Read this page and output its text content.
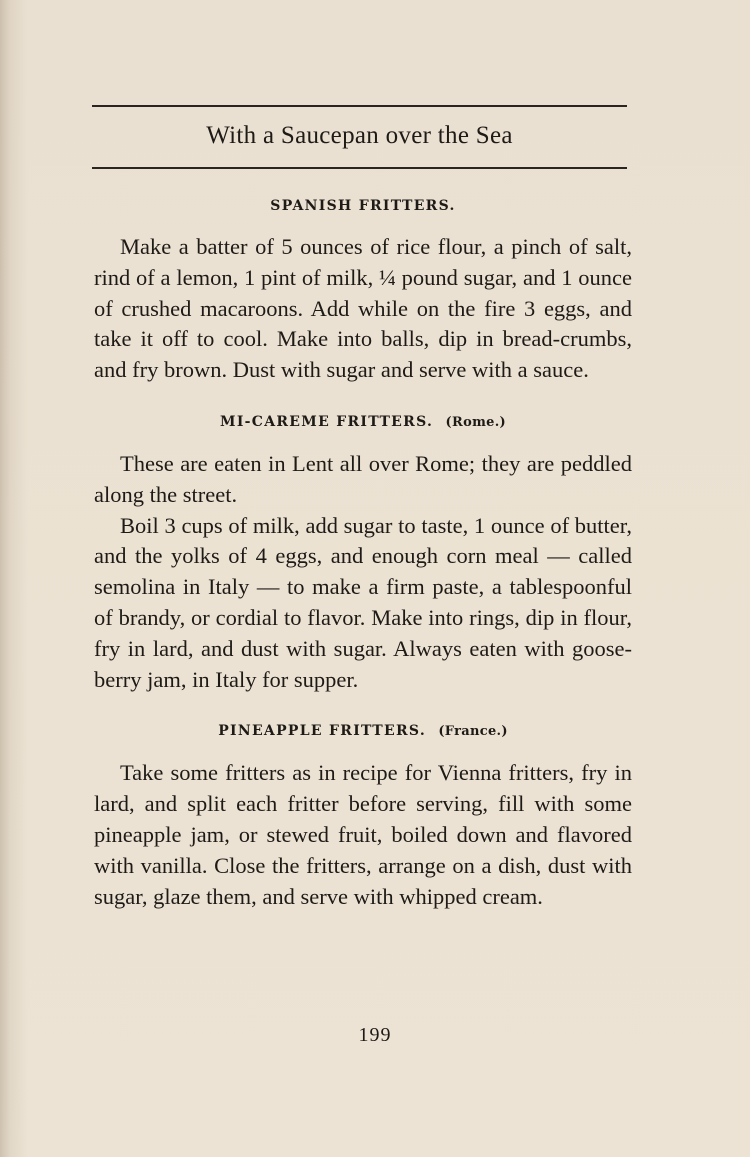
With a Saucepan over the Sea
SPANISH FRITTERS.

Make a batter of 5 ounces of rice flour, a pinch of salt, rind of a lemon, 1 pint of milk, ¼ pound sugar, and 1 ounce of crushed macaroons. Add while on the fire 3 eggs, and take it off to cool. Make into balls, dip in bread-crumbs, and fry brown. Dust with sugar and serve with a sauce.

MI-CAREME FRITTERS. (Rome.)

These are eaten in Lent all over Rome; they are peddled along the street.

Boil 3 cups of milk, add sugar to taste, 1 ounce of butter, and the yolks of 4 eggs, and enough corn meal — called semolina in Italy — to make a firm paste, a tablespoonful of brandy, or cordial to flavor. Make into rings, dip in flour, fry in lard, and dust with sugar. Always eaten with gooseberry jam, in Italy for supper.

PINEAPPLE FRITTERS. (France.)

Take some fritters as in recipe for Vienna fritters, fry in lard, and split each fritter before serving, fill with some pineapple jam, or stewed fruit, boiled down and flavored with vanilla. Close the fritters, arrange on a dish, dust with sugar, glaze them, and serve with whipped cream.

199
